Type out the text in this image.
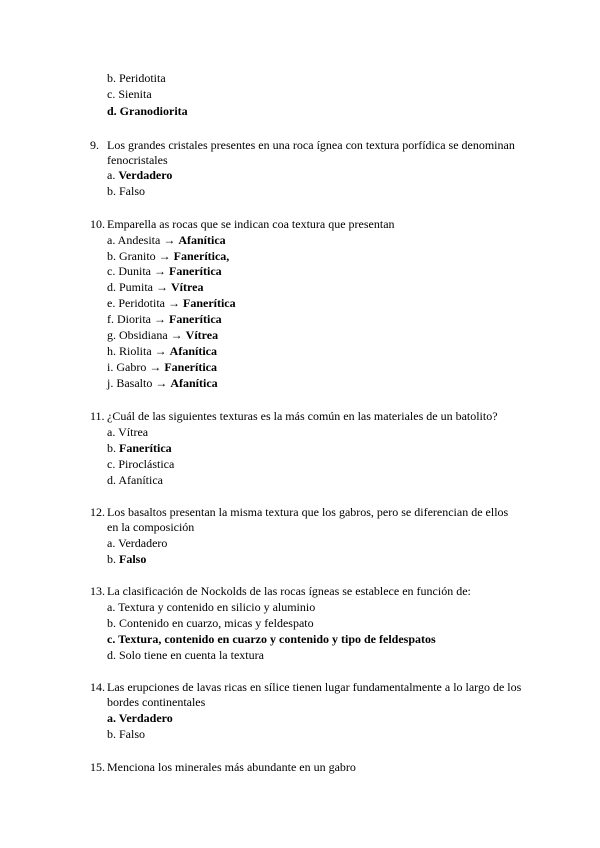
b. Peridotita
c. Sienita
d. Granodiorita
9. Los grandes cristales presentes en una roca ígnea con textura porfídica se denominan
fenocristales
a. Verdadero
b. Falso
10. Emparella as rocas que se indican coa textura que presentan
a. Andesita → Afanítica
b. Granito → Fanerítica,
c. Dunita → Fanerítica
d. Pumita → Vítrea
e. Peridotita → Fanerítica
f. Diorita → Fanerítica
g. Obsidiana → Vítrea
h. Riolita → Afanítica
i. Gabro → Fanerítica
j. Basalto → Afanítica
11. ¿Cuál de las siguientes texturas es la más común en las materiales de un batolito?
a. Vítrea
b. Fanerítica
c. Piroclástica
d. Afanítica
12. Los basaltos presentan la misma textura que los gabros, pero se diferencian de ellos
en la composición
a. Verdadero
b. Falso
13. La clasificación de Nockolds de las rocas ígneas se establece en función de:
a. Textura y contenido en silicio y aluminio
b. Contenido en cuarzo, micas y feldespato
c. Textura, contenido en cuarzo y contenido y tipo de feldespatos
d. Solo tiene en cuenta la textura
14. Las erupciones de lavas ricas en sílice tienen lugar fundamentalmente a lo largo de los
bordes continentales
a. Verdadero
b. Falso
15. Menciona los minerales más abundante en un gabro
